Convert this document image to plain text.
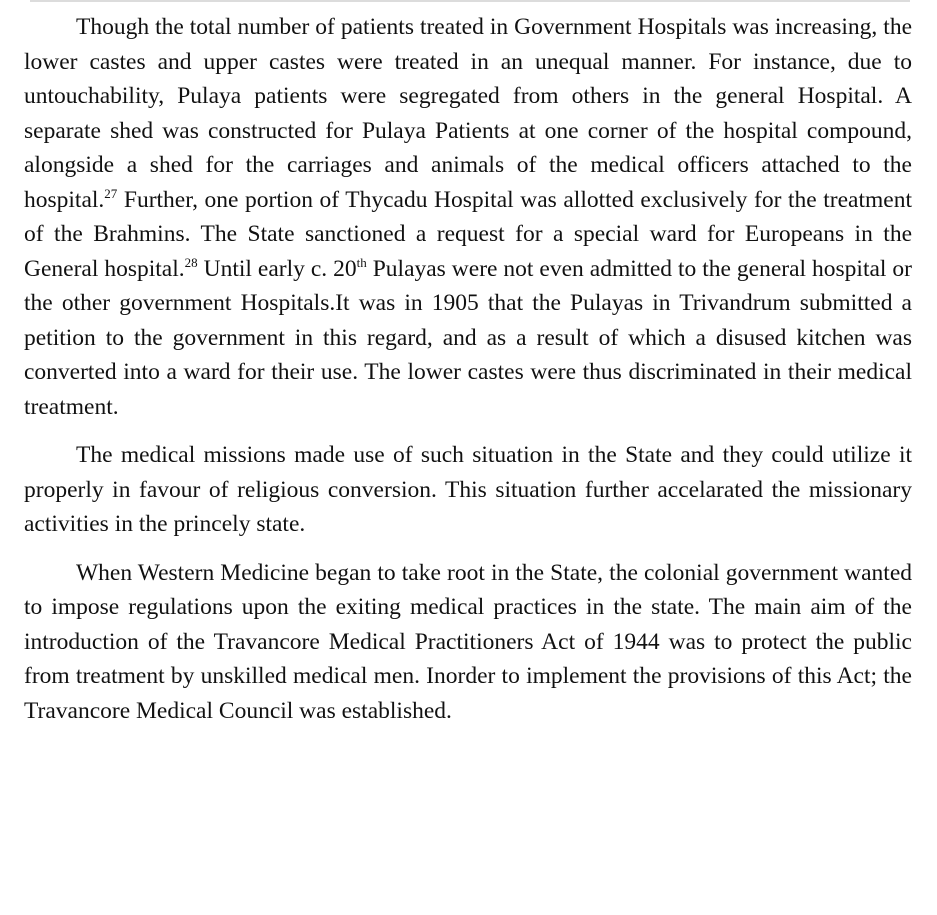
Though the total number of patients treated in Government Hospitals was increasing, the lower castes and upper castes were treated in an unequal manner. For instance, due to untouchability, Pulaya patients were segregated from others in the general Hospital. A separate shed was constructed for Pulaya Patients at one corner of the hospital compound, alongside a shed for the carriages and animals of the medical officers attached to the hospital.$^{27}$ Further, one portion of Thycadu Hospital was allotted exclusively for the treatment of the Brahmins. The State sanctioned a request for a special ward for Europeans in the General hospital.$^{28}$ Until early c. 20th Pulayas were not even admitted to the general hospital or the other government Hospitals.It was in 1905 that the Pulayas in Trivandrum submitted a petition to the government in this regard, and as a result of which a disused kitchen was converted into a ward for their use. The lower castes were thus discriminated in their medical treatment.

The medical missions made use of such situation in the State and they could utilize it properly in favour of religious conversion. This situation further accelarated the missionary activities in the princely state.

When Western Medicine began to take root in the State, the colonial government wanted to impose regulations upon the exiting medical practices in the state. The main aim of the introduction of the Travancore Medical Practitioners Act of 1944 was to protect the public from treatment by unskilled medical men. Inorder to implement the provisions of this Act; the Travancore Medical Council was established.
